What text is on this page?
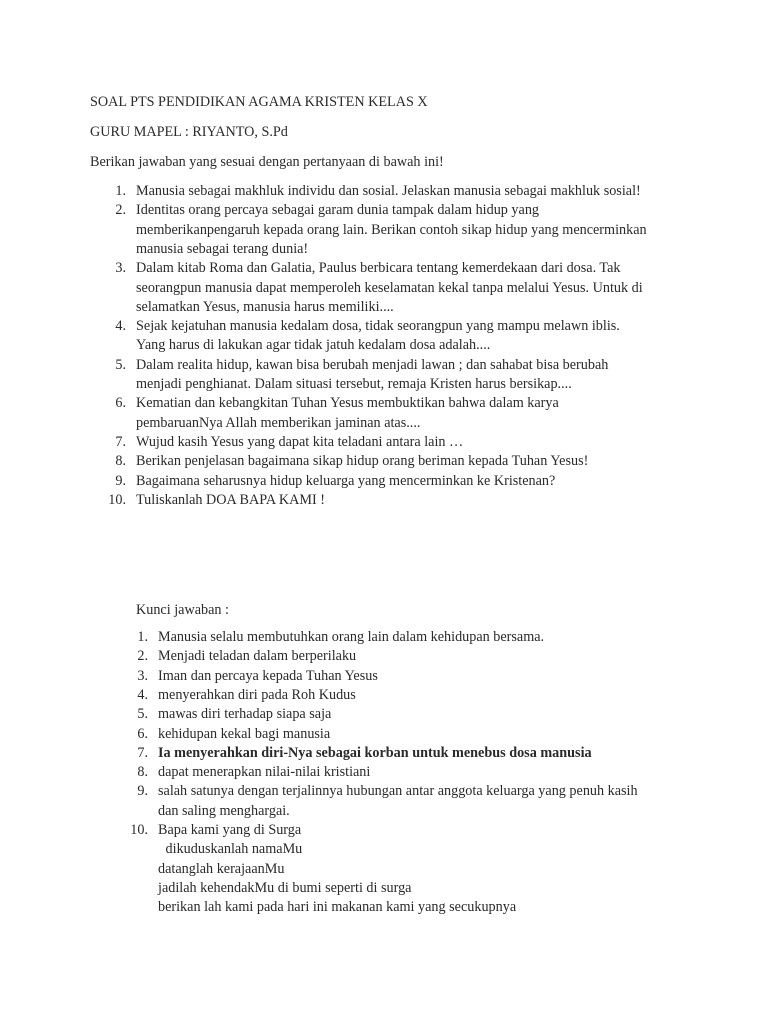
SOAL PTS PENDIDIKAN AGAMA KRISTEN KELAS X
GURU MAPEL : RIYANTO, S.Pd
Berikan jawaban yang sesuai dengan pertanyaan di bawah ini!
1. Manusia sebagai makhluk individu dan sosial. Jelaskan manusia sebagai makhluk sosial!
2. Identitas orang percaya sebagai garam dunia tampak dalam hidup yang
memberikanpengaruh kepada orang lain. Berikan contoh sikap hidup yang mencerminkan
manusia sebagai terang dunia!
3. Dalam kitab Roma dan Galatia, Paulus berbicara tentang kemerdekaan dari dosa. Tak
seorangpun manusia dapat memperoleh keselamatan kekal tanpa melalui Yesus. Untuk di
selamatkan Yesus, manusia harus memiliki....
4. Sejak kejatuhan manusia kedalam dosa, tidak seorangpun yang mampu melawn iblis.
Yang harus di lakukan agar tidak jatuh kedalam dosa adalah....
5. Dalam realita hidup, kawan bisa berubah menjadi lawan ; dan sahabat bisa berubah
menjadi penghianat. Dalam situasi tersebut, remaja Kristen harus bersikap....
6. Kematian dan kebangkitan Tuhan Yesus membuktikan bahwa dalam karya
pembaruanNya Allah memberikan jaminan atas....
7. Wujud kasih Yesus yang dapat kita teladani antara lain …
8. Berikan penjelasan bagaimana sikap hidup orang beriman kepada Tuhan Yesus!
9. Bagaimana seharusnya hidup keluarga yang mencerminkan ke Kristenan?
10. Tuliskanlah DOA BAPA KAMI !
Kunci jawaban :
1. Manusia selalu membutuhkan orang lain dalam kehidupan bersama.
2. Menjadi teladan dalam berperilaku
3. Iman dan percaya kepada Tuhan Yesus
4. menyerahkan diri pada Roh Kudus
5. mawas diri terhadap siapa saja
6. kehidupan kekal bagi manusia
7. Ia menyerahkan diri-Nya sebagai korban untuk menebus dosa manusia
8. dapat menerapkan nilai-nilai kristiani
9. salah satunya dengan terjalinnya hubungan antar anggota keluarga yang penuh kasih
dan saling menghargai.
10. Bapa kami yang di Surga
dikuduskanlah namaMu
datanglah kerajaanMu
jadilah kehendakMu di bumi seperti di surga
berikan lah kami pada hari ini makanan kami yang secukupnya
